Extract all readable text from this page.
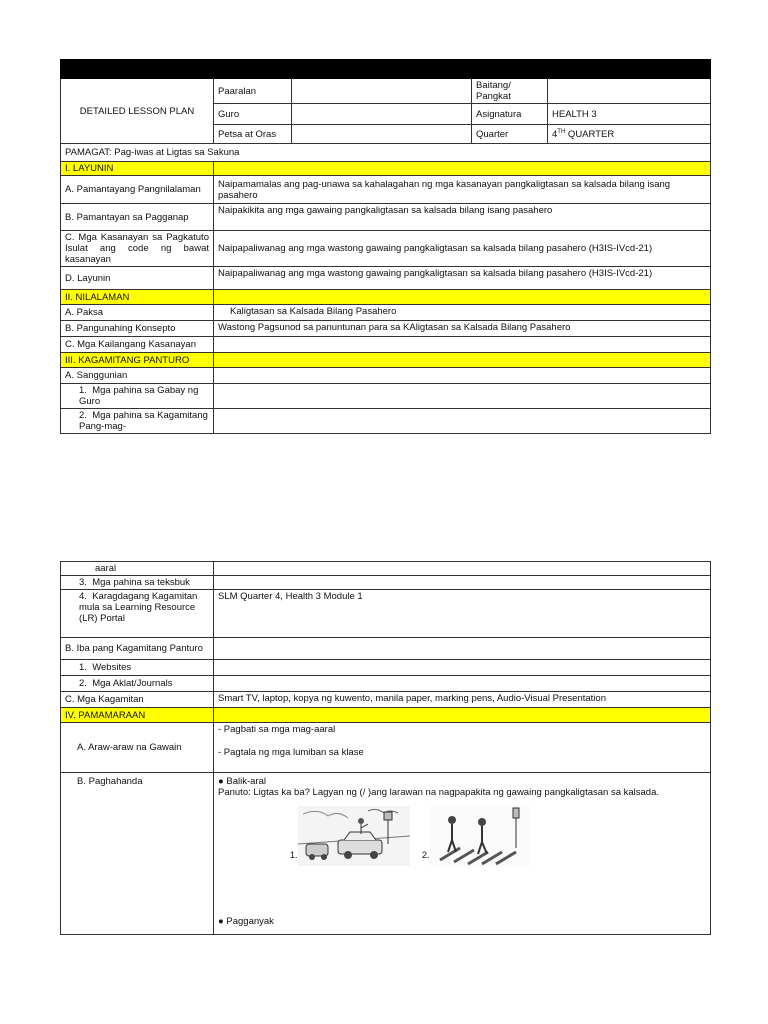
DETAILED LESSON PLAN	Paaralan		Baitang/ Pangkat	
	Guro		Asignatura	HEALTH 3
	Petsa at Oras		Quarter	4TH QUARTER
PAMAGAT: Pag-iwas at Ligtas sa Sakuna				
I. LAYUNIN				
A. Pamantayang Pangnilalaman	Naipamamalas ang pag-unawa sa kahalagahan ng mga kasanayan pangkaligtasan sa kalsada bilang isang pasahero			
B. Pamantayan sa Pagganap	Naipakikita ang mga gawaing pangkaligtasan sa kalsada bilang isang pasahero			
C. Mga Kasanayan sa Pagkatuto Isulat ang code ng bawat kasanayan	Naipapaliwanag ang mga wastong gawaing pangkaligtasan sa kalsada bilang pasahero (H3IS-IVcd-21)			
D. Layunin	Naipapaliwanag ang mga wastong gawaing pangkaligtasan sa kalsada bilang pasahero (H3IS-IVcd-21)			
II. NILALAMAN				
A. Paksa	Kaligtasan sa Kalsada Bilang Pasahero			
B. Pangunahing Konsepto	Wastong Pagsunod sa panuntunan para sa KAligtasan sa Kalsada Bilang Pasahero			
C. Mga Kailangang Kasanayan				
III. KAGAMITANG PANTURO				
A. Sanggunian				
1. Mga pahina sa Gabay ng Guro				
2. Mga pahina sa Kagamitang Pang-mag-				
aaral	
3. Mga pahina sa teksbuk	
4. Karagdagang Kagamitan mula sa Learning Resource (LR) Portal	SLM Quarter 4, Health 3 Module 1
B. Iba pang Kagamitang Panturo	
1. Websites	
2. Mga Aklat/Journals	
C. Mga Kagamitan	Smart TV, laptop, kopya ng kuwento, manila paper, marking pens, Audio-Visual Presentation
IV. PAMAMARAAN	
A. Araw-araw na Gawain	- Pagbati sa mga mag-aaral
- Pagtala ng mga lumiban sa klase

B. Paghahanda	● Balik-aral
Panuto: Ligtas ka ba? Lagyan ng (/ )ang larawan na nagpapakita ng gawaing pangkaligtasan sa kalsada.
1. 2.
● Pagganyak
